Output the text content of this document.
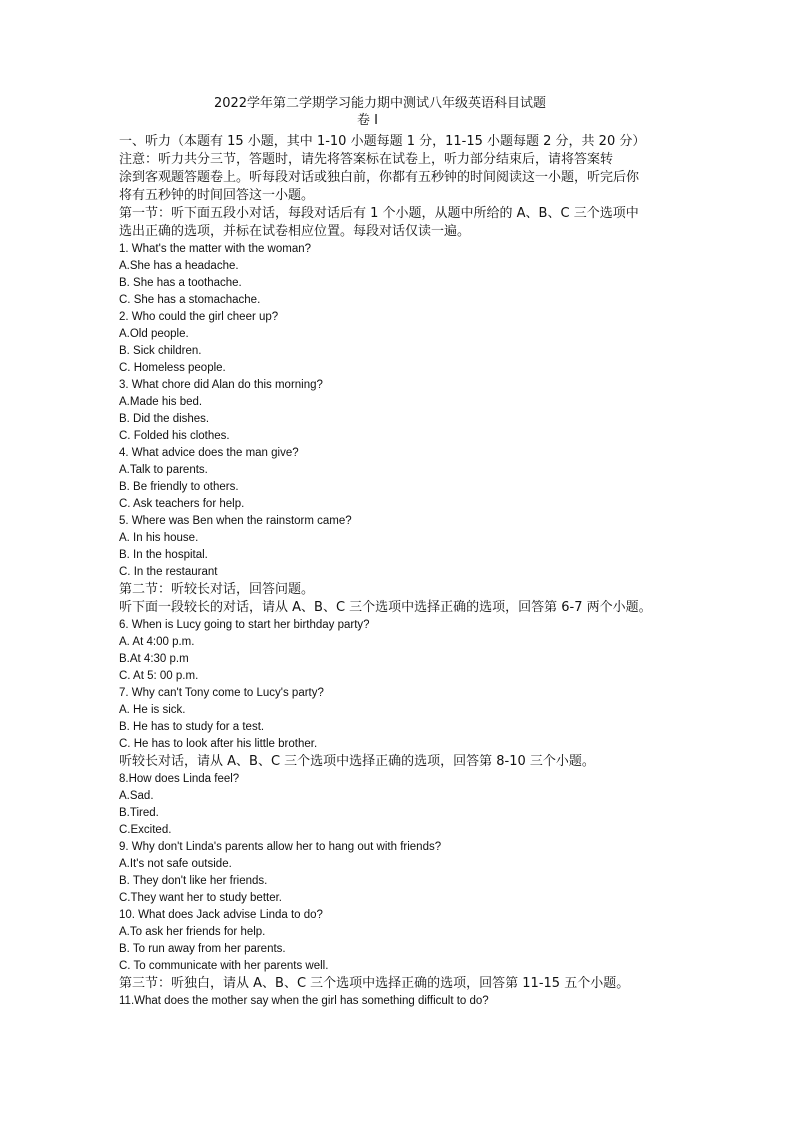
2022学年第二学期学习能力期中测试八年级英语科目试题
卷 I

一、听力（本题有 15 小题，其中 1-10 小题每题 1 分，11-15 小题每题 2 分，共 20 分）

注意：听力共分三节，答题时，请先将答案标在试卷上，听力部分结束后，请将答案转

涂到客观题答题卷上。听每段对话或独白前，你都有五秒钟的时间阅读这一小题，听完后你

将有五秒钟的时间回答这一小题。

第一节：听下面五段小对话，每段对话后有 1 个小题，从题中所给的 A、B、C 三个选项中

选出正确的选项，并标在试卷相应位置。每段对话仅读一遍。

1. What's the matter with the woman?

A.She has a headache.

B. She has a toothache.

C. She has a stomachache.

2. Who could the girl cheer up?

A.Old people.

B. Sick children.

C. Homeless people.

3. What chore did Alan do this morning?

A.Made his bed.

B. Did the dishes.

C. Folded his clothes.

4. What advice does the man give?

A.Talk to parents.

B. Be friendly to others.

C. Ask teachers for help.

5. Where was Ben when the rainstorm came?

A. In his house.

B. In the hospital.

C. In the restaurant

第二节：听较长对话，回答问题。

听下面一段较长的对话，请从 A、B、C 三个选项中选择正确的选项，回答第 6-7 两个小题。

6. When is Lucy going to start her birthday party?

A. At 4:00 p.m.

B.At 4:30 p.m

C. At 5: 00 p.m.

7. Why can't Tony come to Lucy's party?

A. He is sick.

B. He has to study for a test.

C. He has to look after his little brother.

听较长对话，请从 A、B、C 三个选项中选择正确的选项，回答第 8-10 三个小题。

8.How does Linda feel?

A.Sad.

B.Tired.

C.Excited.

9. Why don't Linda's parents allow her to hang out with friends?

A.It's not safe outside.

B. They don't like her friends.

C.They want her to study better.

10. What does Jack advise Linda to do?

A.To ask her friends for help.

B. To run away from her parents.

C. To communicate with her parents well.

第三节：听独白，请从 A、B、C 三个选项中选择正确的选项，回答第 11-15 五个小题。

11.What does the mother say when the girl has something difficult to do?
